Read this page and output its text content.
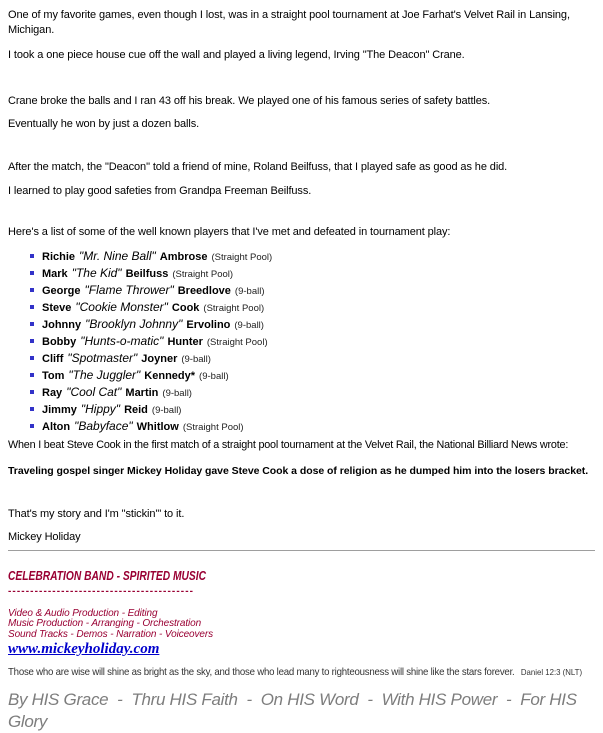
One of my favorite games, even though I lost, was in a straight pool tournament at Joe Farhat's Velvet Rail in Lansing, Michigan.

I took a one piece house cue off the wall and played a living legend, Irving "The Deacon" Crane.

Crane broke the balls and I ran 43 off his break. We played one of his famous series of safety battles.

Eventually he won by just a dozen balls.

After the match, the "Deacon" told a friend of mine, Roland Beilfuss, that I played safe as good as he did.

I learned to play good safeties from Grandpa Freeman Beilfuss.

Here's a list of some of the well known players that I've met and defeated in tournament play:

Richie "Mr. Nine Ball" Ambrose (Straight Pool)
Mark "The Kid" Beilfuss (Straight Pool)
George "Flame Thrower" Breedlove (9-ball)
Steve "Cookie Monster" Cook (Straight Pool)
Johnny "Brooklyn Johnny" Ervolino (9-ball)
Bobby "Hunts-o-matic" Hunter (Straight Pool)
Cliff "Spotmaster" Joyner (9-ball)
Tom "The Juggler" Kennedy* (9-ball)
Ray "Cool Cat" Martin (9-ball)
Jimmy "Hippy" Reid (9-ball)
Alton "Babyface" Whitlow (Straight Pool)

When I beat Steve Cook in the first match of a straight pool tournament at the Velvet Rail, the National Billiard News wrote:

Traveling gospel singer Mickey Holiday gave Steve Cook a dose of religion as he dumped him into the losers bracket.

That's my story and I'm "stickin'" to it.

Mickey Holiday

CELEBRATION BAND - SPIRITED MUSIC
------------------------------------------
Video & Audio Production - Editing
Music Production - Arranging - Orchestration
Sound Tracks - Demos - Narration - Voiceovers
www.mickeyholiday.com
Those who are wise will shine as bright as the sky, and those who lead many to righteousness will shine like the stars forever. Daniel 12:3 (NLT)
By HIS Grace  -  Thru HIS Faith  -  On HIS Word  -  With HIS Power  -  For HIS Glory
